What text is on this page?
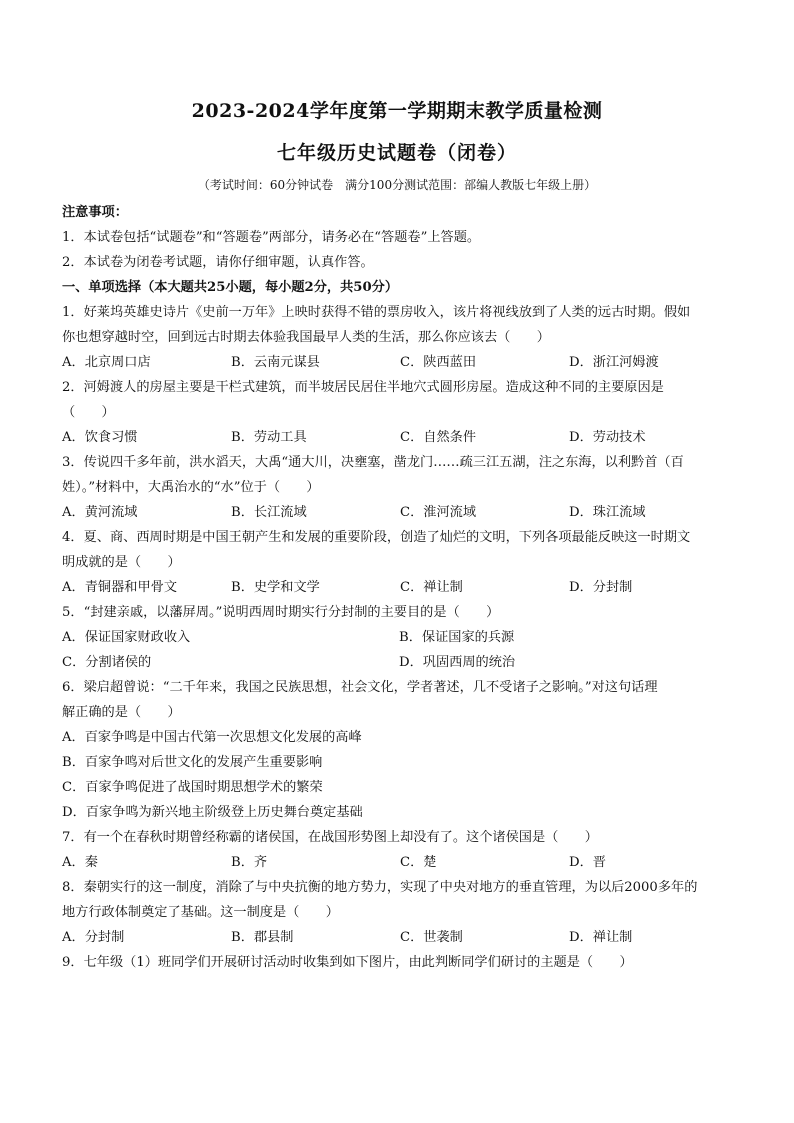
2023-2024学年度第一学期期末教学质量检测
七年级历史试题卷（闭卷）
（考试时间：60分钟试卷　满分100分测试范围：部编人教版七年级上册）
注意事项：
1．本试卷包括“试题卷”和“答题卷”两部分，请务必在“答题卷”上答题。
2．本试卷为闭卷考试题，请你仔细审题，认真作答。
一、单项选择（本大题共25小题，每小题2分，共50分）
1．好莱坞英雄史诗片《史前一万年》上映时获得不错的票房收入，该片将视线放到了人类的远古时期。假如
你也想穿越时空，回到远古时期去体验我国最早人类的生活，那么你应该去（　　）
A．北京周口店	B．云南元谋县	C．陕西蓝田	D．浙江河姆渡
2．河姆渡人的房屋主要是干栏式建筑，而半坡居民居住半地穴式圆形房屋。造成这种不同的主要原因是
（　　）
A．饮食习惯	B．劳动工具	C．自然条件	D．劳动技术
3．传说四千多年前，洪水滔天，大禹“通大川，决壅塞，凿龙门……疏三江五湖，注之东海，以利黔首（百
姓）。”材料中，大禹治水的“水”位于（　　）
A．黄河流域	B．长江流域	C．淮河流域	D．珠江流域
4．夏、商、西周时期是中国王朝产生和发展的重要阶段，创造了灿烂的文明，下列各项最能反映这一时期文
明成就的是（　　）
A．青铜器和甲骨文	B．史学和文学	C．禅让制	D．分封制
5．“封建亲戚，以藩屏周。”说明西周时期实行分封制的主要目的是（　　）
A．保证国家财政收入	B．保证国家的兵源
C．分割诸侯的	D．巩固西周的统治
6．梁启超曾说：“二千年来，我国之民族思想，社会文化，学者著述，几不受诸子之影响。”对这句话理
解正确的是（　　）
A．百家争鸣是中国古代第一次思想文化发展的高峰
B．百家争鸣对后世文化的发展产生重要影响
C．百家争鸣促进了战国时期思想学术的繁荣
D．百家争鸣为新兴地主阶级登上历史舞台奠定基础
7．有一个在春秋时期曾经称霸的诸侯国，在战国形势图上却没有了。这个诸侯国是（　　）
A．秦	B．齐	C．楚	D．晋
8．秦朝实行的这一制度，消除了与中央抗衡的地方势力，实现了中央对地方的垂直管理，为以后2000多年的
地方行政体制奠定了基础。这一制度是（　　）
A．分封制	B．郡县制	C．世袭制	D．禅让制
9．七年级（1）班同学们开展研讨活动时收集到如下图片，由此判断同学们研讨的主题是（　　）
